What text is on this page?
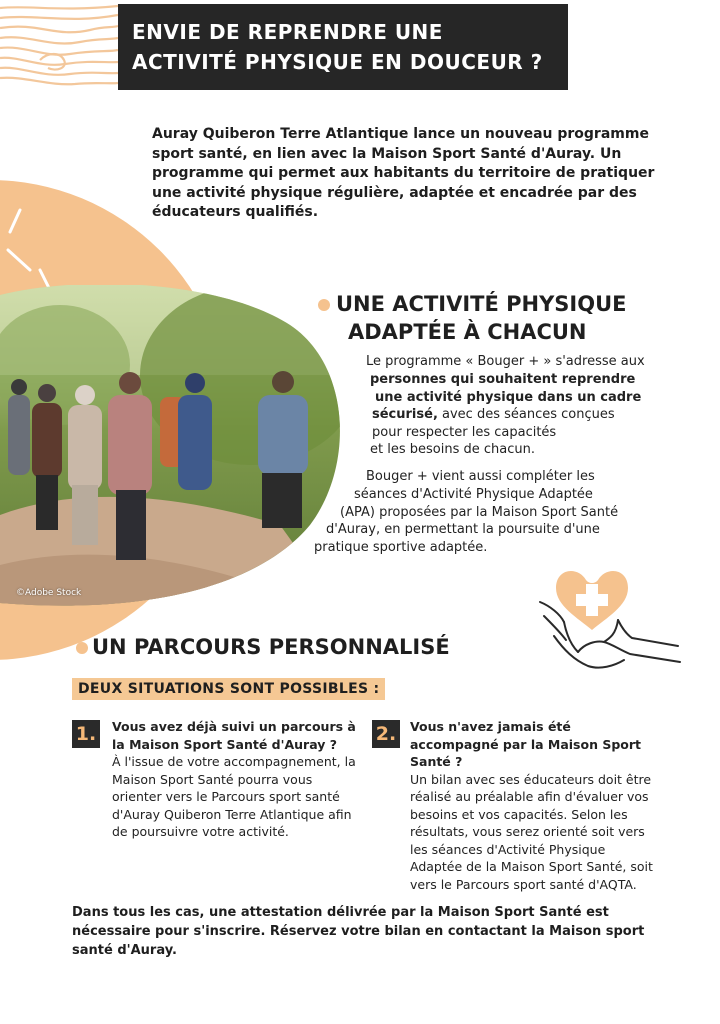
ENVIE DE REPRENDRE UNE
ACTIVITÉ PHYSIQUE EN DOUCEUR ?
Auray Quiberon Terre Atlantique lance un nouveau programme sport santé, en lien avec la Maison Sport Santé d'Auray. Un programme qui permet aux habitants du territoire de pratiquer une activité physique régulière, adaptée et encadrée par des éducateurs qualifiés.
©Adobe Stock
UNE ACTIVITÉ PHYSIQUE
ADAPTÉE À CHACUN
Le programme « Bouger + » s'adresse aux
personnes qui souhaitent reprendre
une activité physique dans un cadre
sécurisé, avec des séances conçues
pour respecter les capacités
et les besoins de chacun.
Bouger + vient aussi compléter les
séances d'Activité Physique Adaptée
(APA) proposées par la Maison Sport Santé
d'Auray, en permettant la poursuite d'une
pratique sportive adaptée.
UN PARCOURS PERSONNALISÉ
DEUX SITUATIONS SONT POSSIBLES :
1.	Vous avez déjà suivi un parcours à la Maison Sport Santé d'Auray ?
À l'issue de votre accompagnement, la Maison Sport Santé pourra vous orienter vers le Parcours sport santé d'Auray Quiberon Terre Atlantique afin de poursuivre votre activité.
2.	Vous n'avez jamais été accompagné par la Maison Sport Santé ?
Un bilan avec ses éducateurs doit être réalisé au préalable afin d'évaluer vos besoins et vos capacités. Selon les résultats, vous serez orienté soit vers les séances d'Activité Physique Adaptée de la Maison Sport Santé, soit vers le Parcours sport santé d'AQTA.
Dans tous les cas, une attestation délivrée par la Maison Sport Santé est nécessaire pour s'inscrire. Réservez votre bilan en contactant la Maison sport santé d'Auray.
